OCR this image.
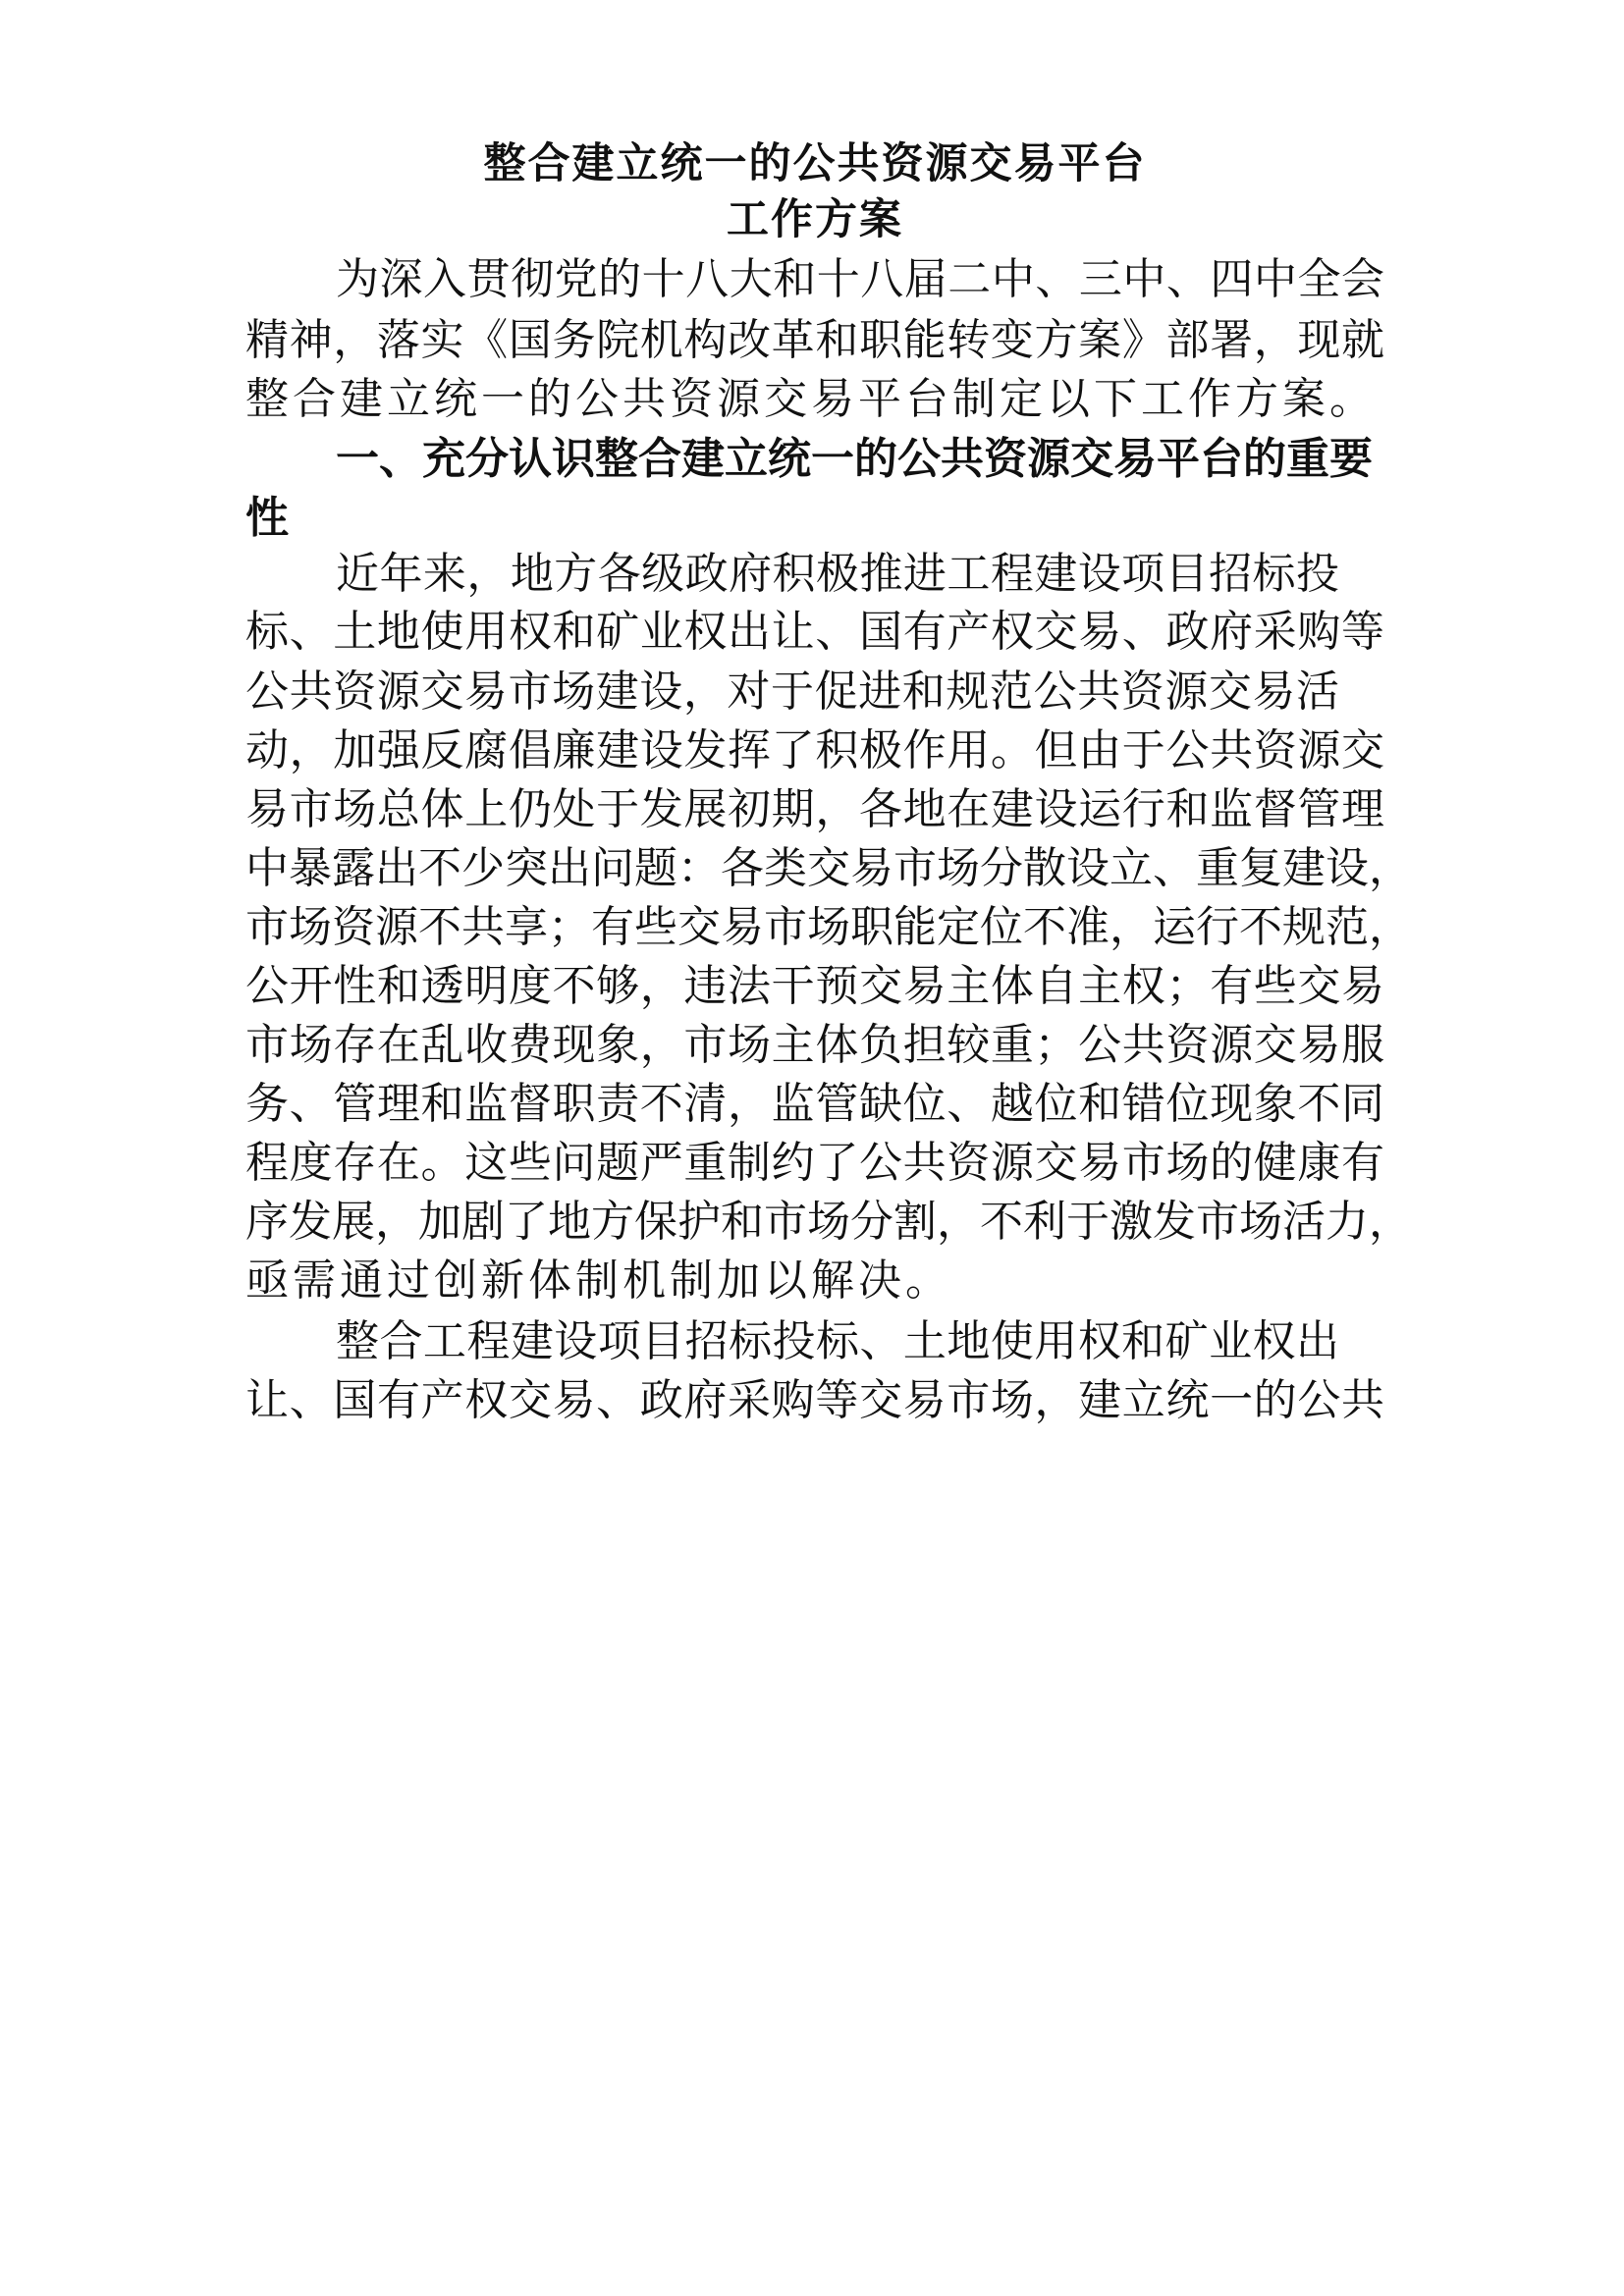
整合建立统一的公共资源交易平台
工作方案
为深入贯彻党的十八大和十八届二中、三中、四中全会
精神，落实《国务院机构改革和职能转变方案》部署，现就
整合建立统一的公共资源交易平台制定以下工作方案。
一、充分认识整合建立统一的公共资源交易平台的重要
性
近年来，地方各级政府积极推进工程建设项目招标投
标、土地使用权和矿业权出让、国有产权交易、政府采购等
公共资源交易市场建设，对于促进和规范公共资源交易活
动，加强反腐倡廉建设发挥了积极作用。但由于公共资源交
易市场总体上仍处于发展初期，各地在建设运行和监督管理
中暴露出不少突出问题：各类交易市场分散设立、重复建设，
市场资源不共享；有些交易市场职能定位不准，运行不规范，
公开性和透明度不够，违法干预交易主体自主权；有些交易
市场存在乱收费现象，市场主体负担较重；公共资源交易服
务、管理和监督职责不清，监管缺位、越位和错位现象不同
程度存在。这些问题严重制约了公共资源交易市场的健康有
序发展，加剧了地方保护和市场分割，不利于激发市场活力，
亟需通过创新体制机制加以解决。
整合工程建设项目招标投标、土地使用权和矿业权出
让、国有产权交易、政府采购等交易市场，建立统一的公共
